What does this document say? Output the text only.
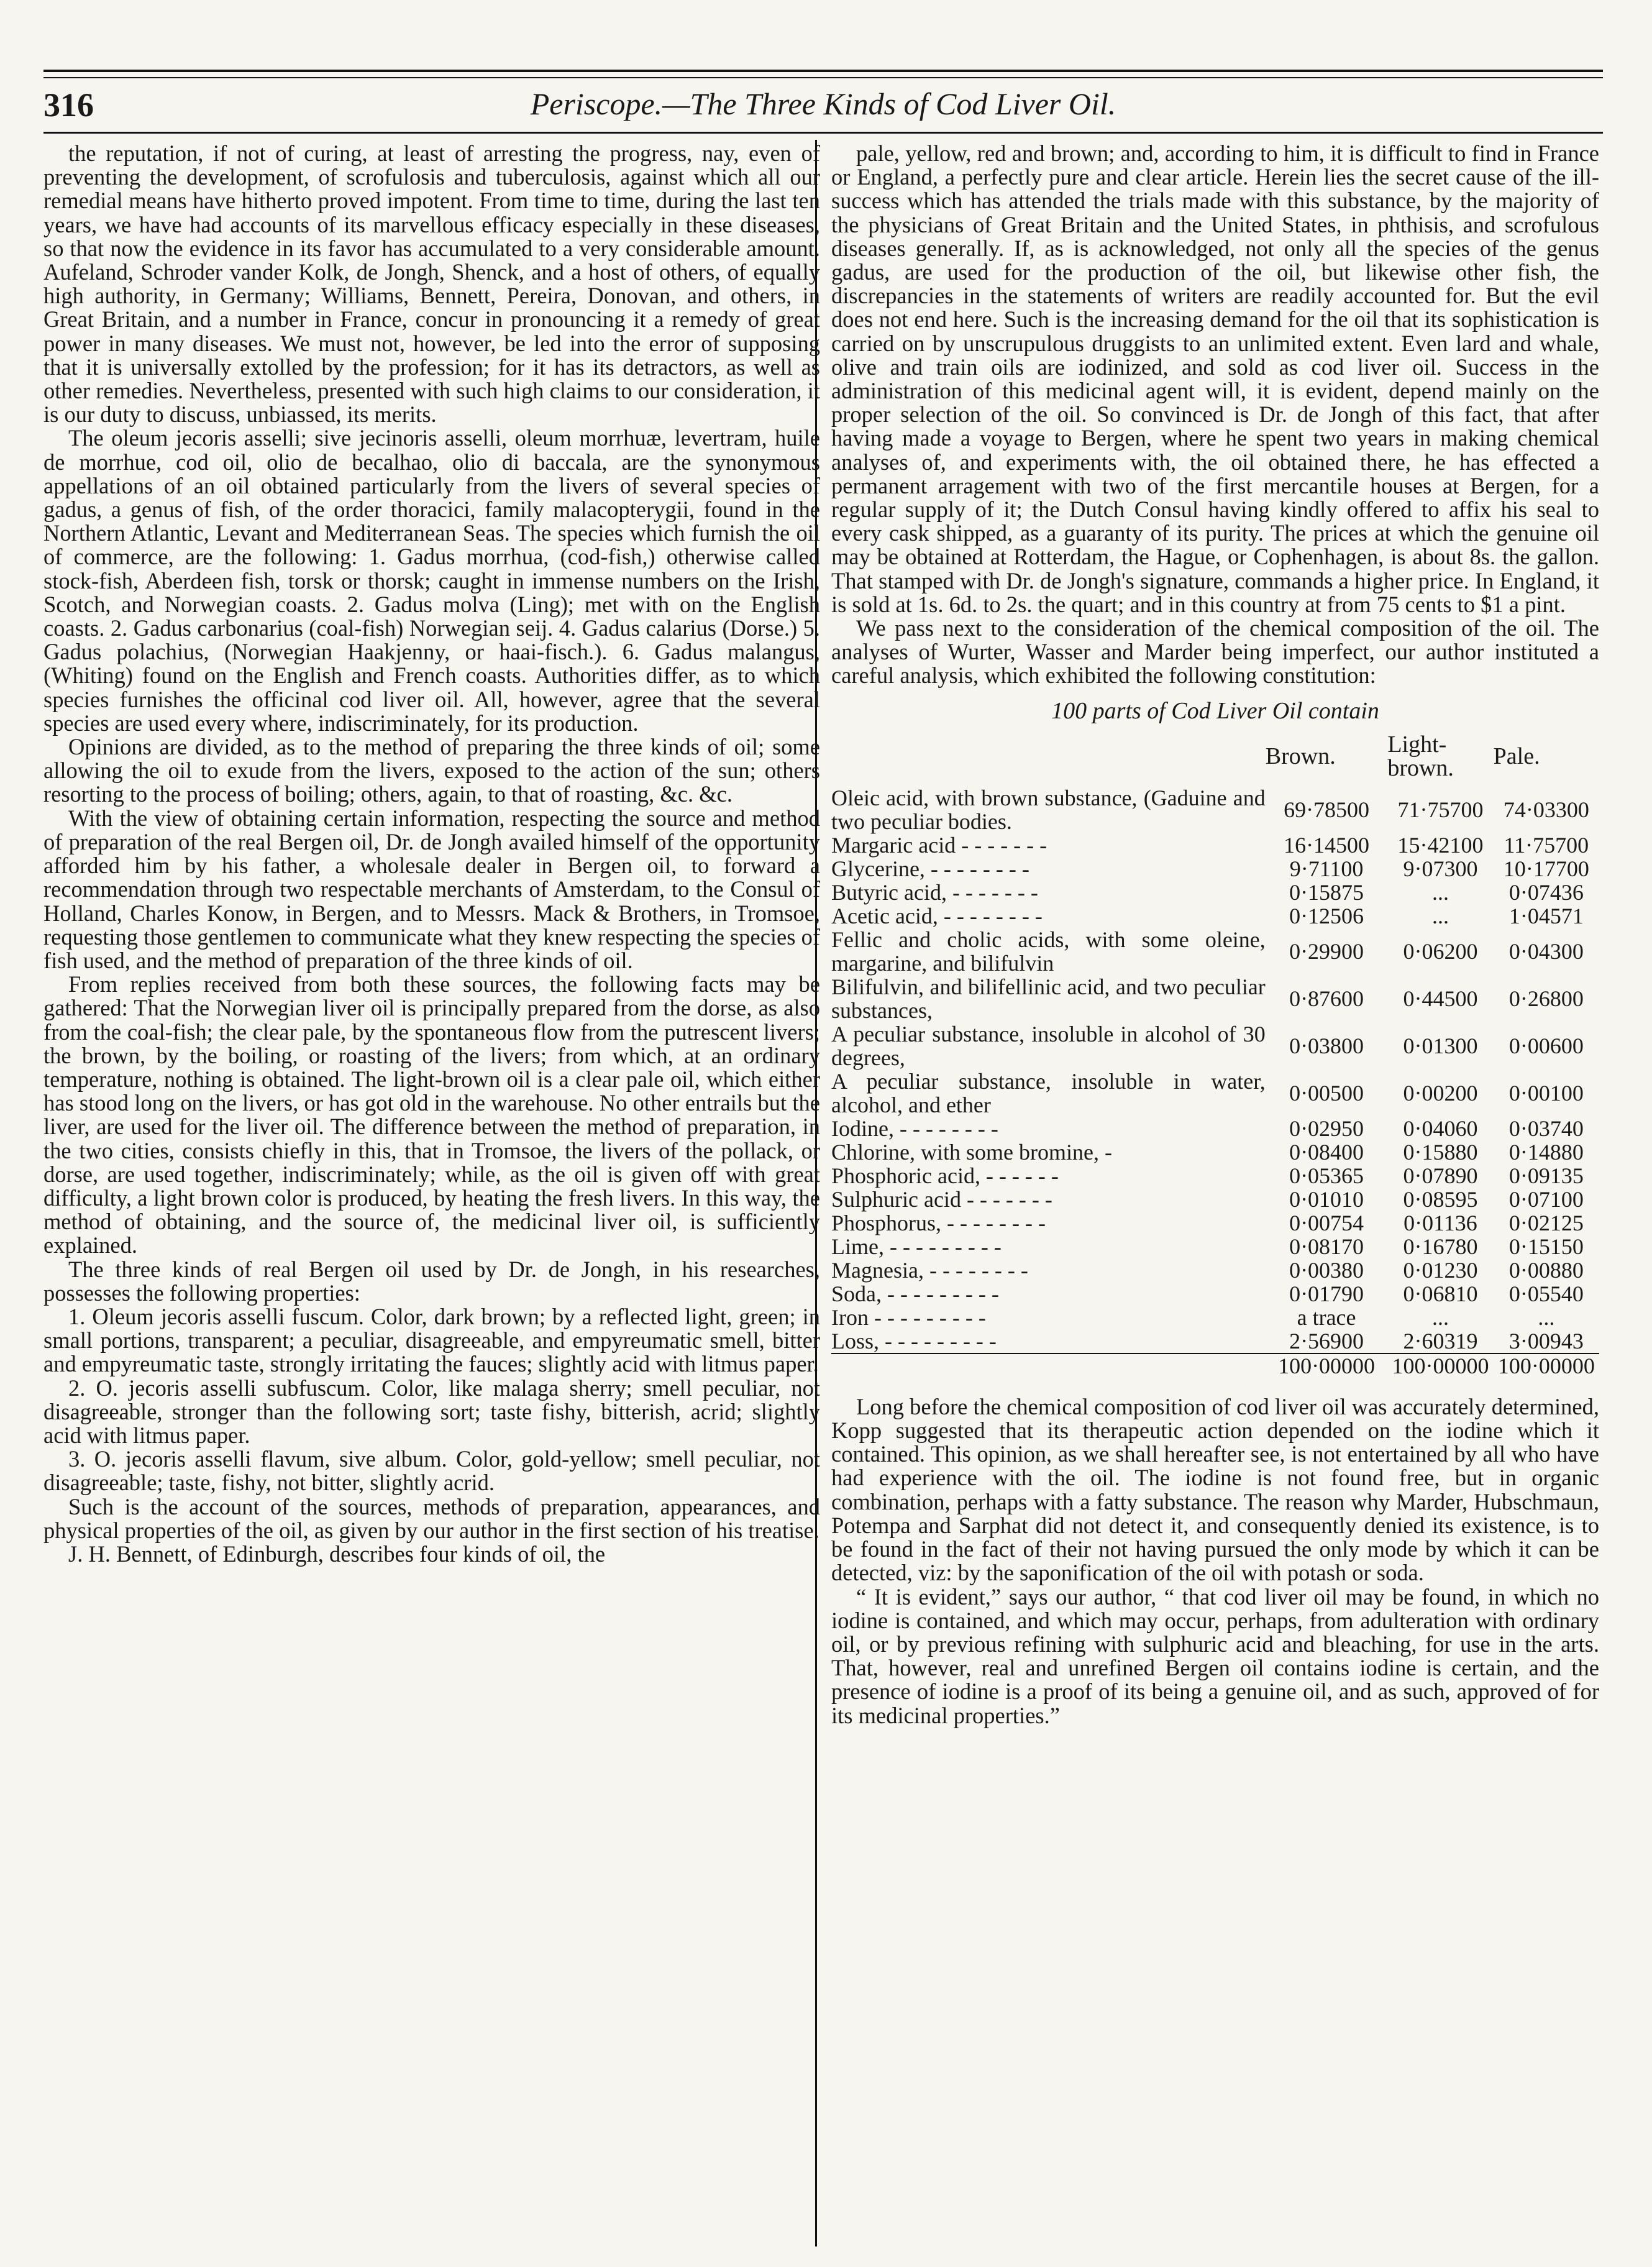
316	Periscope.—The Three Kinds of Cod Liver Oil.

the reputation, if not of curing, at least of arresting the progress, nay, even of preventing the development, of scrofulosis and tuberculosis, against which all our remedial means have hitherto proved impotent. From time to time, during the last ten years, we have had accounts of its marvellous efficacy especially in these diseases, so that now the evidence in its favor has accumulated to a very considerable amount. Aufeland, Schroder vander Kolk, de Jongh, Shenck, and a host of others, of equally high authority, in Germany; Williams, Bennett, Pereira, Donovan, and others, in Great Britain, and a number in France, concur in pronouncing it a remedy of great power in many diseases. We must not, however, be led into the error of supposing that it is universally extolled by the profession; for it has its detractors, as well as other remedies. Nevertheless, presented with such high claims to our consideration, it is our duty to discuss, unbiassed, its merits.

The oleum jecoris asselli; sive jecinoris asselli, oleum morrhuæ, levertram, huile de morrhue, cod oil, olio de becalhao, olio di baccala, are the synonymous appellations of an oil obtained particularly from the livers of several species of gadus, a genus of fish, of the order thoracici, family malacopterygii, found in the Northern Atlantic, Levant and Mediterranean Seas. The species which furnish the oil of commerce, are the following: 1. Gadus morrhua, (cod-fish,) otherwise called stock-fish, Aberdeen fish, torsk or thorsk; caught in immense numbers on the Irish, Scotch, and Norwegian coasts. 2. Gadus molva (Ling); met with on the English coasts. 2. Gadus carbonarius (coal-fish) Norwegian seij. 4. Gadus calarius (Dorse.) 5. Gadus polachius, (Norwegian Haakjenny, or haai-fisch.). 6. Gadus malangus, (Whiting) found on the English and French coasts. Authorities differ, as to which species furnishes the officinal cod liver oil. All, however, agree that the several species are used every where, indiscriminately, for its production.

Opinions are divided, as to the method of preparing the three kinds of oil; some allowing the oil to exude from the livers, exposed to the action of the sun; others resorting to the process of boiling; others, again, to that of roasting, &c. &c.

With the view of obtaining certain information, respecting the source and method of preparation of the real Bergen oil, Dr. de Jongh availed himself of the opportunity afforded him by his father, a wholesale dealer in Bergen oil, to forward a recommendation through two respectable merchants of Amsterdam, to the Consul of Holland, Charles Konow, in Bergen, and to Messrs. Mack & Brothers, in Tromsoe, requesting those gentlemen to communicate what they knew respecting the species of fish used, and the method of preparation of the three kinds of oil.

From replies received from both these sources, the following facts may be gathered: That the Norwegian liver oil is principally prepared from the dorse, as also from the coal-fish; the clear pale, by the spontaneous flow from the putrescent livers; the brown, by the boiling, or roasting of the livers; from which, at an ordinary temperature, nothing is obtained. The light-brown oil is a clear pale oil, which either has stood long on the livers, or has got old in the warehouse. No other entrails but the liver, are used for the liver oil. The difference between the method of preparation, in the two cities, consists chiefly in this, that in Tromsoe, the livers of the pollack, or dorse, are used together, indiscriminately; while, as the oil is given off with great difficulty, a light brown color is produced, by heating the fresh livers. In this way, the method of obtaining, and the source of, the medicinal liver oil, is sufficiently explained.

The three kinds of real Bergen oil used by Dr. de Jongh, in his researches, possesses the following properties:

1. Oleum jecoris asselli fuscum. Color, dark brown; by a reflected light, green; in small portions, transparent; a peculiar, disagreeable, and empyreumatic smell, bitter and empyreumatic taste, strongly irritating the fauces; slightly acid with litmus paper.

2. O. jecoris asselli subfuscum. Color, like malaga sherry; smell peculiar, not disagreeable, stronger than the following sort; taste fishy, bitterish, acrid; slightly acid with litmus paper.

3. O. jecoris asselli flavum, sive album. Color, gold-yellow; smell peculiar, not disagreeable; taste, fishy, not bitter, slightly acrid.

Such is the account of the sources, methods of preparation, appearances, and physical properties of the oil, as given by our author in the first section of his treatise.

J. H. Bennett, of Edinburgh, describes four kinds of oil, the

pale, yellow, red and brown; and, according to him, it is difficult to find in France or England, a perfectly pure and clear article. Herein lies the secret cause of the ill-success which has attended the trials made with this substance, by the majority of the physicians of Great Britain and the United States, in phthisis, and scrofulous diseases generally. If, as is acknowledged, not only all the species of the genus gadus, are used for the production of the oil, but likewise other fish, the discrepancies in the statements of writers are readily accounted for. But the evil does not end here. Such is the increasing demand for the oil that its sophistication is carried on by unscrupulous druggists to an unlimited extent. Even lard and whale, olive and train oils are iodinized, and sold as cod liver oil. Success in the administration of this medicinal agent will, it is evident, depend mainly on the proper selection of the oil. So convinced is Dr. de Jongh of this fact, that after having made a voyage to Bergen, where he spent two years in making chemical analyses of, and experiments with, the oil obtained there, he has effected a permanent arragement with two of the first mercantile houses at Bergen, for a regular supply of it; the Dutch Consul having kindly offered to affix his seal to every cask shipped, as a guaranty of its purity. The prices at which the genuine oil may be obtained at Rotterdam, the Hague, or Cophenhagen, is about 8s. the gallon. That stamped with Dr. de Jongh's signature, commands a higher price. In England, it is sold at 1s. 6d. to 2s. the quart; and in this country at from 75 cents to $1 a pint.

We pass next to the consideration of the chemical composition of the oil. The analyses of Wurter, Wasser and Marder being imperfect, our author instituted a careful analysis, which exhibited the following constitution:

100 parts of Cod Liver Oil contain

	Brown.	Light-brown.	Pale.
Oleic acid, with brown substance, (Gaduine and two peculiar bodies.	69·78500	71·75700	74·03300
Margaric acid - - - - - - -	16·14500	15·42100	11·75700
Glycerine, - - - - - - - -	9·71100	9·07300	10·17700
Butyric acid, - - - - - - -	0·15875	...	0·07436
Acetic acid, - - - - - - - -	0·12506	...	1·04571
Fellic and cholic acids, with some oleine, margarine, and bilifulvin	0·29900	0·06200	0·04300
Bilifulvin, and bilifellinic acid, and two peculiar substances,	0·87600	0·44500	0·26800
A peculiar substance, insoluble in alcohol of 30 degrees,	0·03800	0·01300	0·00600
A peculiar substance, insoluble in water, alcohol, and ether	0·00500	0·00200	0·00100
Iodine, - - - - - - - -	0·02950	0·04060	0·03740
Chlorine, with some bromine, -	0·08400	0·15880	0·14880
Phosphoric acid, - - - - - -	0·05365	0·07890	0·09135
Sulphuric acid - - - - - - -	0·01010	0·08595	0·07100
Phosphorus, - - - - - - - -	0·00754	0·01136	0·02125
Lime, - - - - - - - - -	0·08170	0·16780	0·15150
Magnesia, - - - - - - - -	0·00380	0·01230	0·00880
Soda, - - - - - - - - -	0·01790	0·06810	0·05540
Iron - - - - - - - - -	a trace	...	...
Loss, - - - - - - - - -	2·56900	2·60319	3·00943

	100·00000	100·00000	100·00000

Long before the chemical composition of cod liver oil was accurately determined, Kopp suggested that its therapeutic action depended on the iodine which it contained. This opinion, as we shall hereafter see, is not entertained by all who have had experience with the oil. The iodine is not found free, but in organic combination, perhaps with a fatty substance. The reason why Marder, Hubschmaun, Potempa and Sarphat did not detect it, and consequently denied its existence, is to be found in the fact of their not having pursued the only mode by which it can be detected, viz: by the saponification of the oil with potash or soda.

“ It is evident,” says our author, “ that cod liver oil may be found, in which no iodine is contained, and which may occur, perhaps, from adulteration with ordinary oil, or by previous refining with sulphuric acid and bleaching, for use in the arts. That, however, real and unrefined Bergen oil contains iodine is certain, and the presence of iodine is a proof of its being a genuine oil, and as such, approved of for its medicinal properties.”
